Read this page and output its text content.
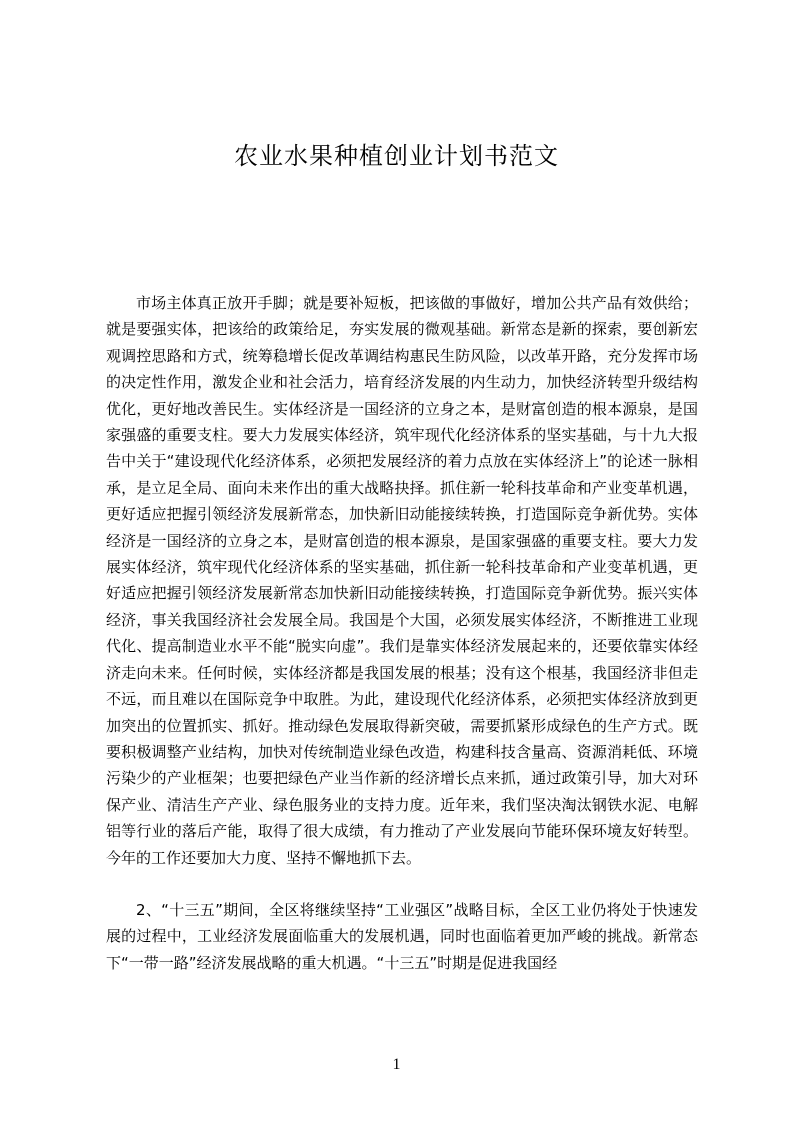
农业水果种植创业计划书范文

市场主体真正放开手脚；就是要补短板，把该做的事做好，增加公共产品有效供给；就是要强实体，把该给的政策给足，夯实发展的微观基础。新常态是新的探索，要创新宏观调控思路和方式，统筹稳增长促改革调结构惠民生防风险，以改革开路，充分发挥市场的决定性作用，激发企业和社会活力，培育经济发展的内生动力，加快经济转型升级结构优化，更好地改善民生。实体经济是一国经济的立身之本，是财富创造的根本源泉，是国家强盛的重要支柱。要大力发展实体经济，筑牢现代化经济体系的坚实基础，与十九大报告中关于“建设现代化经济体系，必须把发展经济的着力点放在实体经济上”的论述一脉相承，是立足全局、面向未来作出的重大战略抉择。抓住新一轮科技革命和产业变革机遇，更好适应把握引领经济发展新常态，加快新旧动能接续转换，打造国际竞争新优势。实体经济是一国经济的立身之本，是财富创造的根本源泉，是国家强盛的重要支柱。要大力发展实体经济，筑牢现代化经济体系的坚实基础，抓住新一轮科技革命和产业变革机遇，更好适应把握引领经济发展新常态加快新旧动能接续转换，打造国际竞争新优势。振兴实体经济，事关我国经济社会发展全局。我国是个大国，必须发展实体经济，不断推进工业现代化、提高制造业水平不能“脱实向虚”。我们是靠实体经济发展起来的，还要依靠实体经济走向未来。任何时候，实体经济都是我国发展的根基；没有这个根基，我国经济非但走不远，而且难以在国际竞争中取胜。为此，建设现代化经济体系，必须把实体经济放到更加突出的位置抓实、抓好。推动绿色发展取得新突破，需要抓紧形成绿色的生产方式。既要积极调整产业结构，加快对传统制造业绿色改造，构建科技含量高、资源消耗低、环境污染少的产业框架；也要把绿色产业当作新的经济增长点来抓，通过政策引导，加大对环保产业、清洁生产产业、绿色服务业的支持力度。近年来，我们坚决淘汰钢铁水泥、电解铝等行业的落后产能，取得了很大成绩，有力推动了产业发展向节能环保环境友好转型。今年的工作还要加大力度、坚持不懈地抓下去。

2、“十三五”期间，全区将继续坚持“工业强区”战略目标，全区工业仍将处于快速发展的过程中，工业经济发展面临重大的发展机遇，同时也面临着更加严峻的挑战。新常态下“一带一路”经济发展战略的重大机遇。“十三五”时期是促进我国经

1
